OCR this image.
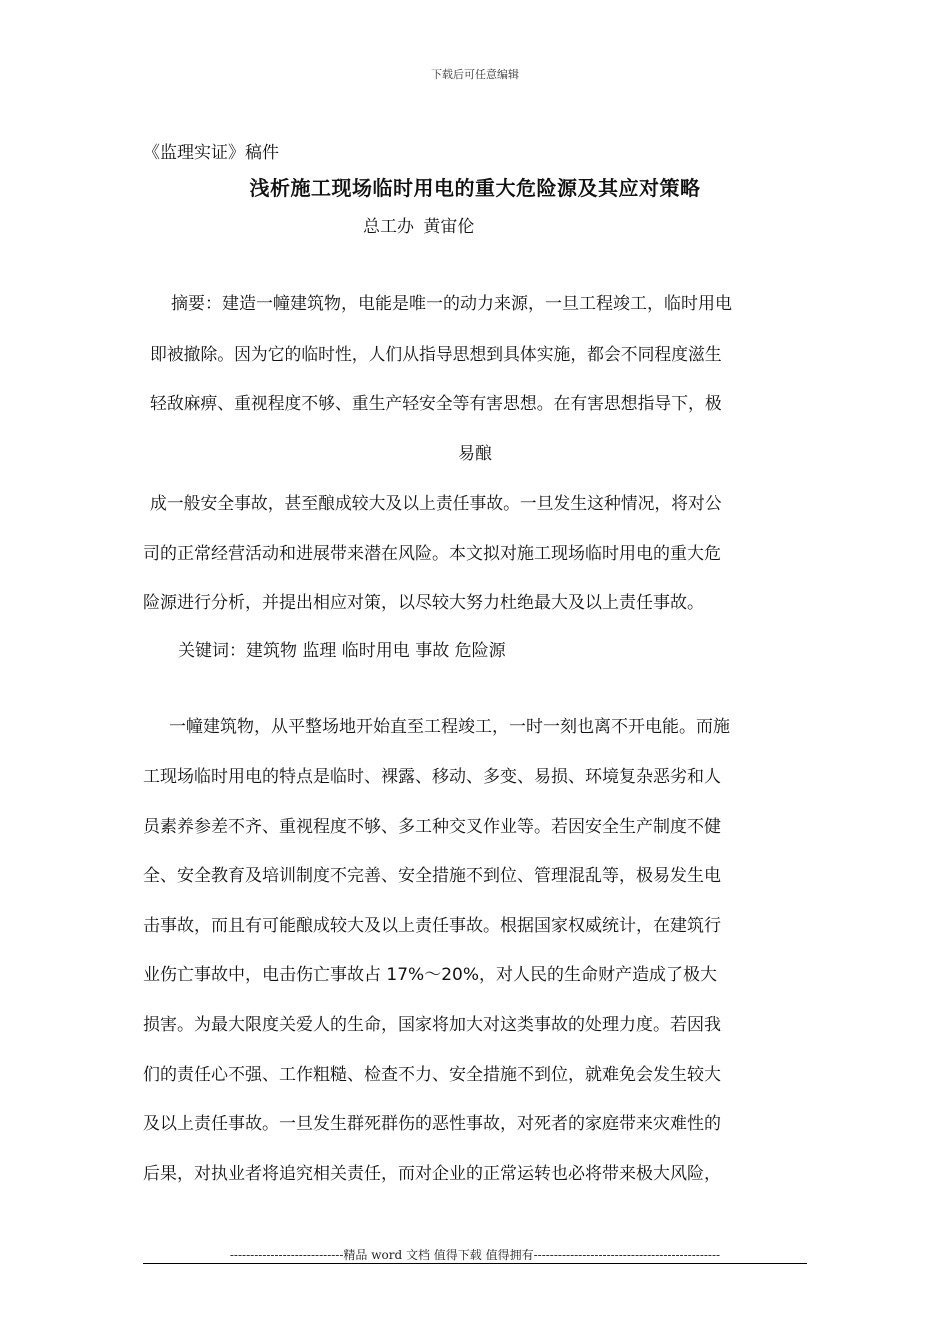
下载后可任意编辑
《监理实证》稿件
浅析施工现场临时用电的重大危险源及其应对策略
总工办 黄宙伦
摘要：建造一幢建筑物，电能是唯一的动力来源，一旦工程竣工，临时用电
即被撤除。因为它的临时性，人们从指导思想到具体实施，都会不同程度滋生
轻敌麻痹、重视程度不够、重生产轻安全等有害思想。在有害思想指导下，极
易酿
成一般安全事故，甚至酿成较大及以上责任事故。一旦发生这种情况，将对公
司的正常经营活动和进展带来潜在风险。本文拟对施工现场临时用电的重大危
险源进行分析，并提出相应对策，以尽较大努力杜绝最大及以上责任事故。
关键词：建筑物 监理 临时用电 事故 危险源
一幢建筑物，从平整场地开始直至工程竣工，一时一刻也离不开电能。而施
工现场临时用电的特点是临时、裸露、移动、多变、易损、环境复杂恶劣和人
员素养参差不齐、重视程度不够、多工种交叉作业等。若因安全生产制度不健
全、安全教育及培训制度不完善、安全措施不到位、管理混乱等，极易发生电
击事故，而且有可能酿成较大及以上责任事故。根据国家权威统计，在建筑行
业伤亡事故中，电击伤亡事故占 17%～20%，对人民的生命财产造成了极大
损害。为最大限度关爱人的生命，国家将加大对这类事故的处理力度。若因我
们的责任心不强、工作粗糙、检查不力、安全措施不到位，就难免会发生较大
及以上责任事故。一旦发生群死群伤的恶性事故，对死者的家庭带来灾难性的
后果，对执业者将追究相关责任，而对企业的正常运转也必将带来极大风险，
----------------------------精品 word 文档 值得下载 值得拥有----------------------------------------------
